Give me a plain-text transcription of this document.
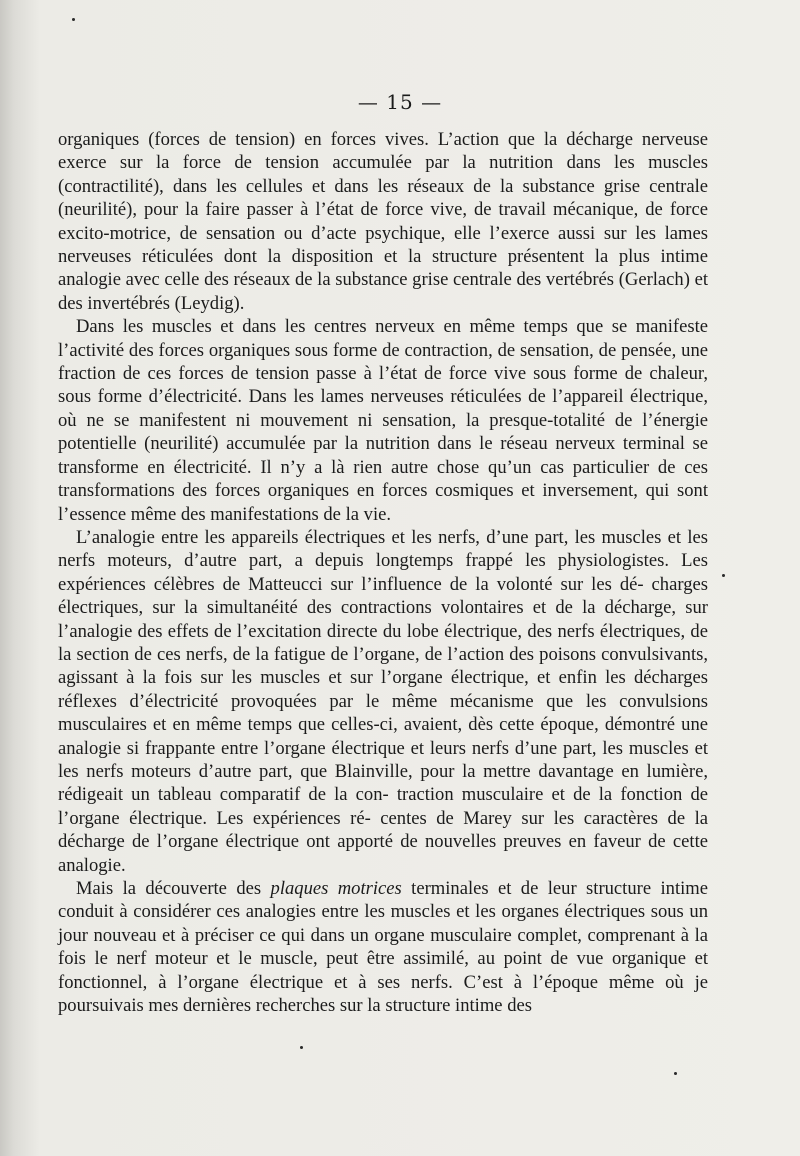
— 15 —

organiques (forces de tension) en forces vives. L’action que la décharge nerveuse exerce sur la force de tension accumulée par la nutrition dans les muscles (contractilité), dans les cellules et dans les réseaux de la substance grise centrale (neurilité), pour la faire passer à l’état de force vive, de travail mécanique, de force excito-motrice, de sensation ou d’acte psychique, elle l’exerce aussi sur les lames nerveuses réticulées dont la disposition et la structure présentent la plus intime analogie avec celle des réseaux de la substance grise centrale des vertébrés (Gerlach) et des invertébrés (Leydig).

Dans les muscles et dans les centres nerveux en même temps que se manifeste l’activité des forces organiques sous forme de contraction, de sensation, de pensée, une fraction de ces forces de tension passe à l’état de force vive sous forme de chaleur, sous forme d’électricité. Dans les lames nerveuses réticulées de l’appareil électrique, où ne se manifestent ni mouvement ni sensation, la presque-totalité de l’énergie potentielle (neurilité) accumulée par la nutrition dans le réseau nerveux terminal se transforme en électricité. Il n’y a là rien autre chose qu’un cas particulier de ces transformations des forces organiques en forces cosmiques et inversement, qui sont l’essence même des manifestations de la vie.

L’analogie entre les appareils électriques et les nerfs, d’une part, les muscles et les nerfs moteurs, d’autre part, a depuis longtemps frappé les physiologistes. Les expériences célèbres de Matteucci sur l’influence de la volonté sur les dé- charges électriques, sur la simultanéité des contractions volontaires et de la décharge, sur l’analogie des effets de l’excitation directe du lobe électrique, des nerfs électriques, de la section de ces nerfs, de la fatigue de l’organe, de l’action des poisons convulsivants, agissant à la fois sur les muscles et sur l’organe électrique, et enfin les décharges réflexes d’électricité provoquées par le même mécanisme que les convulsions musculaires et en même temps que celles-ci, avaient, dès cette époque, démontré une analogie si frappante entre l’organe électrique et leurs nerfs d’une part, les muscles et les nerfs moteurs d’autre part, que Blainville, pour la mettre davantage en lumière, rédigeait un tableau comparatif de la con- traction musculaire et de la fonction de l’organe électrique. Les expériences ré- centes de Marey sur les caractères de la décharge de l’organe électrique ont apporté de nouvelles preuves en faveur de cette analogie.

Mais la découverte des plaques motrices terminales et de leur structure intime conduit à considérer ces analogies entre les muscles et les organes électriques sous un jour nouveau et à préciser ce qui dans un organe musculaire complet, comprenant à la fois le nerf moteur et le muscle, peut être assimilé, au point de vue organique et fonctionnel, à l’organe électrique et à ses nerfs. C’est à l’époque même où je poursuivais mes dernières recherches sur la structure intime des
